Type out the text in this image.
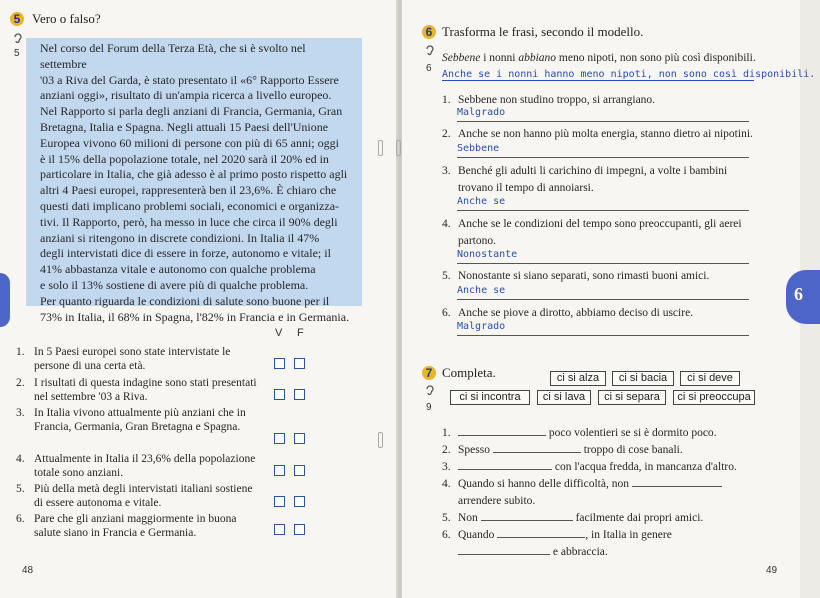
5 Vero o falso?
5 Nel corso del Forum della Terza Età, che si è svolto nel settembre
'03 a Riva del Garda, è stato presentato il «6° Rapporto Essere
anziani oggi», risultato di un'ampia ricerca a livello europeo.
Nel Rapporto si parla degli anziani di Francia, Germania, Gran
Bretagna, Italia e Spagna. Negli attuali 15 Paesi dell'Unione
Europea vivono 60 milioni di persone con più di 65 anni; oggi
è il 15% della popolazione totale, nel 2020 sarà il 20% ed in
particolare in Italia, che già adesso è al primo posto rispetto agli
altri 4 Paesi europei, rappresenterà ben il 23,6%. È chiaro che
questi dati implicano problemi sociali, economici e organizza-
tivi. Il Rapporto, però, ha messo in luce che circa il 90% degli
anziani si ritengono in discrete condizioni. In Italia il 47%
degli intervistati dice di essere in forze, autonomo e vitale; il
41% abbastanza vitale e autonomo con qualche problema
e solo il 13% sostiene di avere più di qualche problema.
Per quanto riguarda le condizioni di salute sono buone per il
73% in Italia, il 68% in Spagna, l'82% in Francia e in Germania.
V F
1. In 5 Paesi europei sono state intervistate le persone di una certa età.
2. I risultati di questa indagine sono stati presentati nel settembre '03 a Riva.
3. In Italia vivono attualmente più anziani che in Francia, Germania, Gran Bretagna e Spagna.
4. Attualmente in Italia il 23,6% della popolazione totale sono anziani.
5. Più della metà degli intervistati italiani sostiene di essere autonoma e vitale.
6. Pare che gli anziani maggiormente in buona salute siano in Francia e Germania.
48
6
6 Trasforma le frasi, secondo il modello.
6
Sebbene i nonni abbiano meno nipoti, non sono più così disponibili.
Anche se i nonni hanno meno nipoti, non sono così disponibili.
1. Sebbene non studino troppo, si arrangiano.
Malgrado
2. Anche se non hanno più molta energia, stanno dietro ai nipotini.
Sebbene
3. Benché gli adulti li carichino di impegni, a volte i bambini trovano il tempo di annoiarsi.
Anche se
4. Anche se le condizioni del tempo sono preoccupanti, gli aerei partono.
Nonostante
5. Nonostante si siano separati, sono rimasti buoni amici.
Anche se
6. Anche se piove a dirotto, abbiamo deciso di uscire.
Malgrado
7 Completa.
9
ci si alza	ci si bacia	ci si deve
ci si incontra	ci si lava	ci si separa	ci si preoccupa
1.	poco volentieri se si è dormito poco.
2. Spesso	troppo di cose banali.
3.	con l'acqua fredda, in mancanza d'altro.
4. Quando si hanno delle difficoltà, non
arrendere subito.
5. Non	facilmente dai propri amici.
6. Quando	, in Italia in genere
e abbraccia.
49
